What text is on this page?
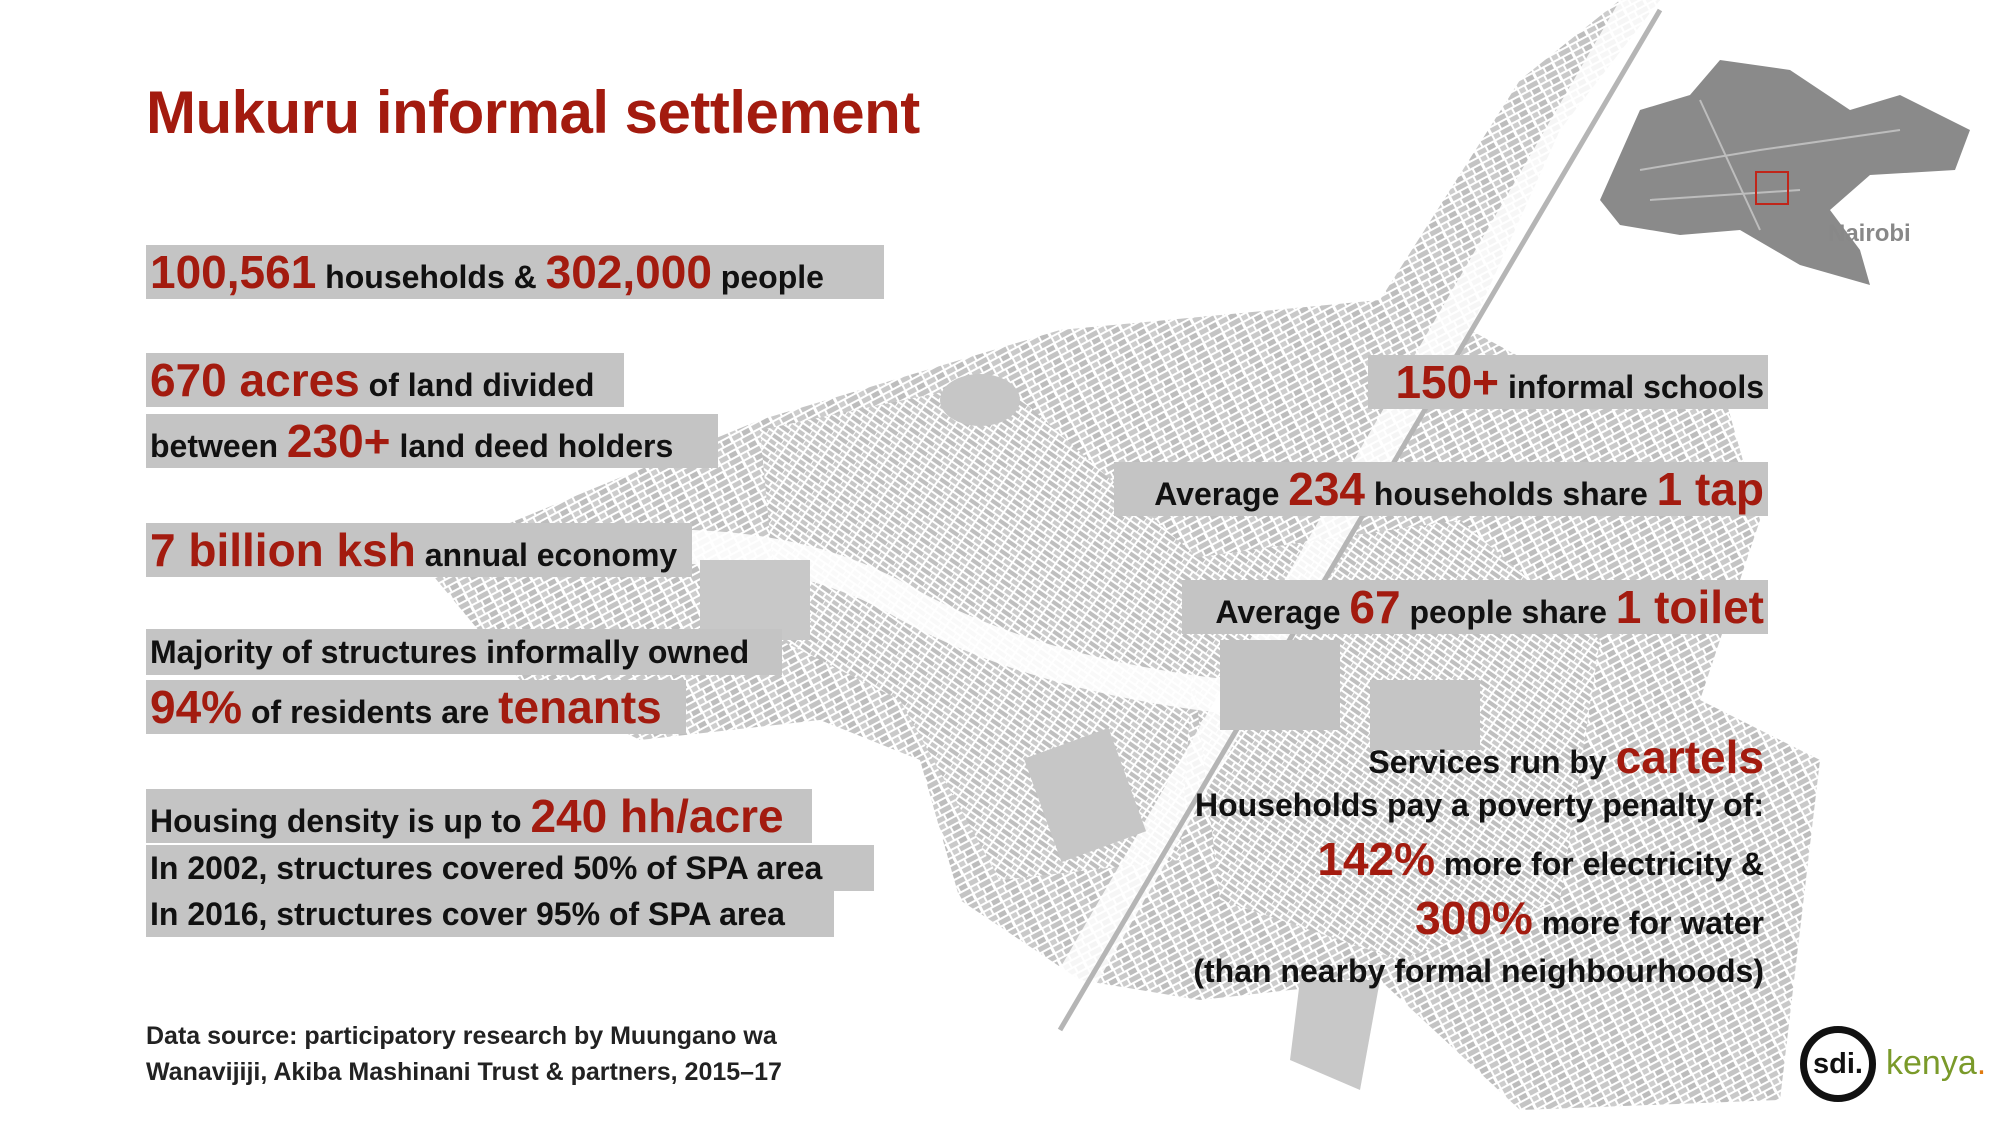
Mukuru informal settlement
100,561 households & 302,000 people
670 acres of land divided
between 230+ land deed holders
7 billion ksh annual economy
Majority of structures informally owned
94% of residents are tenants
Housing density is up to 240 hh/acre
In 2002, structures covered 50% of SPA area
In 2016, structures cover 95% of SPA area
150+ informal schools
Average 234 households share 1 tap
Average 67 people share 1 toilet
Services run by cartels
Households pay a poverty penalty of:
142% more for electricity &
300% more for water
(than nearby formal neighbourhoods)
Data source: participatory research by Muungano wa
Wanavijiji, Akiba Mashinani Trust & partners, 2015–17
Nairobi
sdi. kenya.
